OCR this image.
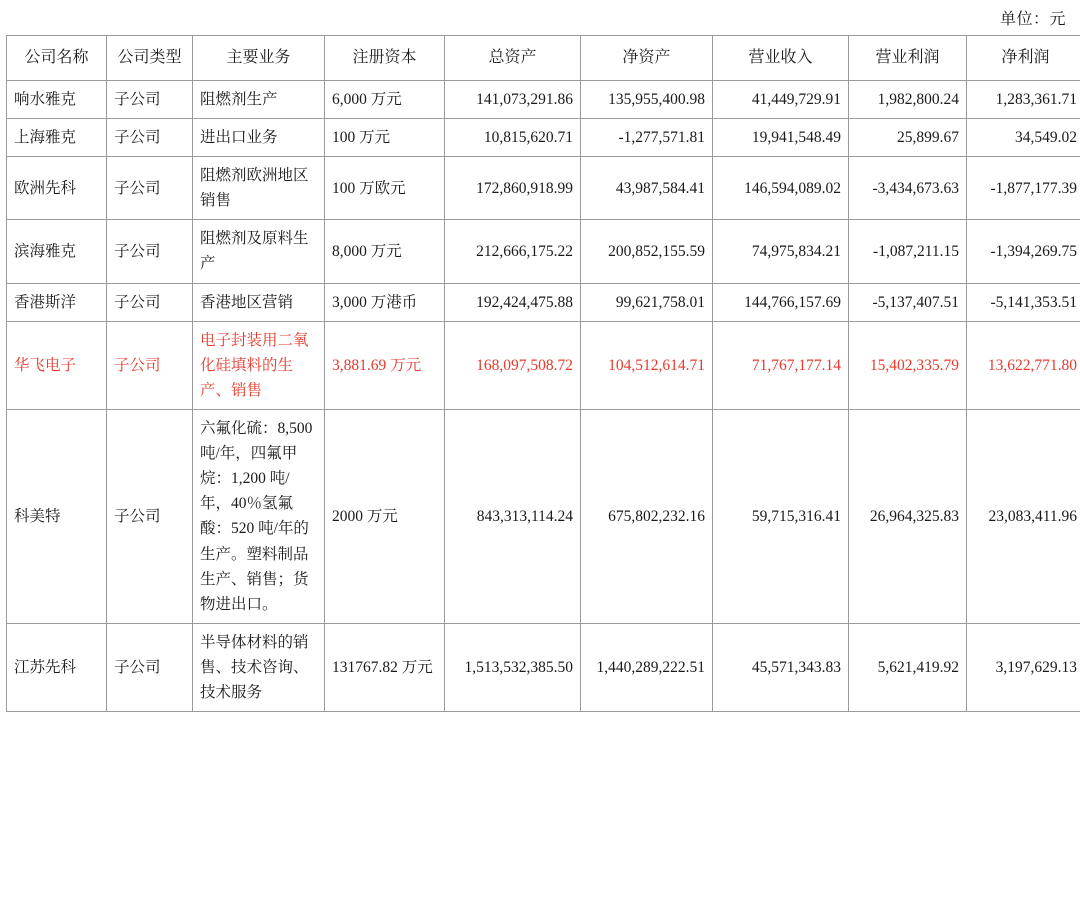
单位：元
公司名称	公司类型	主要业务	注册资本	总资产	净资产	营业收入	营业利润	净利润
响水雅克	子公司	阻燃剂生产	6,000 万元	141,073,291.86	135,955,400.98	41,449,729.91	1,982,800.24	1,283,361.71
上海雅克	子公司	进出口业务	100 万元	10,815,620.71	-1,277,571.81	19,941,548.49	25,899.67	34,549.02
欧洲先科	子公司	阻燃剂欧洲地区销售	100 万欧元	172,860,918.99	43,987,584.41	146,594,089.02	-3,434,673.63	-1,877,177.39
滨海雅克	子公司	阻燃剂及原料生产	8,000 万元	212,666,175.22	200,852,155.59	74,975,834.21	-1,087,211.15	-1,394,269.75
香港斯洋	子公司	香港地区营销	3,000 万港币	192,424,475.88	99,621,758.01	144,766,157.69	-5,137,407.51	-5,141,353.51
华飞电子	子公司	电子封装用二氧化硅填料的生产、销售	3,881.69 万元	168,097,508.72	104,512,614.71	71,767,177.14	15,402,335.79	13,622,771.80
科美特	子公司	六氟化硫：8,500 吨/年，四氟甲烷：1,200 吨/年，40％氢氟酸：520 吨/年的生产。塑料制品生产、销售；货物进出口。	2000 万元	843,313,114.24	675,802,232.16	59,715,316.41	26,964,325.83	23,083,411.96
江苏先科	子公司	半导体材料的销售、技术咨询、技术服务	131767.82 万元	1,513,532,385.50	1,440,289,222.51	45,571,343.83	5,621,419.92	3,197,629.13
